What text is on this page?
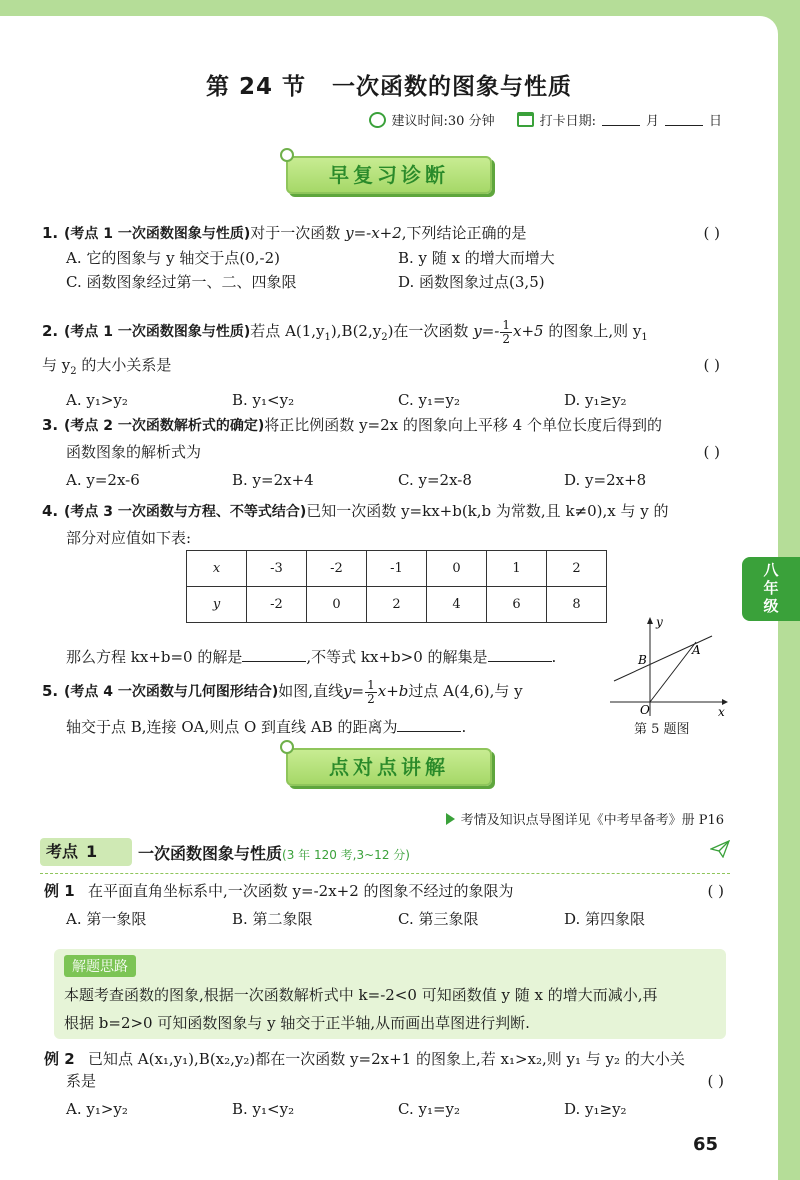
第 24 节 一次函数的图象与性质
建议时间:30 分钟	打卡日期:	月	日
早复习诊断
1. (考点 1 一次函数图象与性质)对于一次函数 y=-x+2,下列结论正确的是	( )
A. 它的图象与 y 轴交于点(0,-2)	B. y 随 x 的增大而增大
C. 函数图象经过第一、二、四象限	D. 函数图象过点(3,5)
2. (考点 1 一次函数图象与性质)若点 $A(1,y_1),B(2,y_2)$在一次函数 $y=- \frac{1}{2} x+5$ 的图象上,则 $y_1$
与 $y_2$ 的大小关系是	( )
A. y₁>y₂	B. y₁<y₂	C. y₁=y₂	D. y₁≥y₂
3. (考点 2 一次函数解析式的确定)将正比例函数 y=2x 的图象向上平移 4 个单位长度后得到的
函数图象的解析式为	( )
A. y=2x-6	B. y=2x+4	C. y=2x-8	D. y=2x+8
4. (考点 3 一次函数与方程、不等式结合)已知一次函数 y=kx+b(k,b 为常数,且 k≠0),x 与 y 的
部分对应值如下表:
x	-3	-2	-1	0	1	2
y	-2	0	2	4	6	8
那么方程 kx+b=0 的解是	,不等式 kx+b>0 的解集是	.
y
x
A
B
O
5. (考点 4 一次函数与几何图形结合)如图,直线$y= \frac{1}{2} x+b$过点 A(4,6),与 y
轴交于点 B,连接 OA,则点 O 到直线 AB 的距离为	.	第 5 题图
点对点讲解
考情及知识点导图详见《中考早备考》册 P16
考点 1	一次函数图象与性质(3 年 120 考,3~12 分)
例 1 在平面直角坐标系中,一次函数 y=-2x+2 的图象不经过的象限为	( )
A. 第一象限	B. 第二象限	C. 第三象限	D. 第四象限
解题思路
本题考查函数的图象,根据一次函数解析式中 k=-2<0 可知函数值 y 随 x 的增大而减小,再
根据 b=2>0 可知函数图象与 y 轴交于正半轴,从而画出草图进行判断.
例 2 已知点 A(x₁,y₁),B(x₂,y₂)都在一次函数 y=2x+1 的图象上,若 x₁>x₂,则 y₁ 与 y₂ 的大小关
系是	( )
A. y₁>y₂	B. y₁<y₂	C. y₁=y₂	D. y₁≥y₂
65
八
年
级
